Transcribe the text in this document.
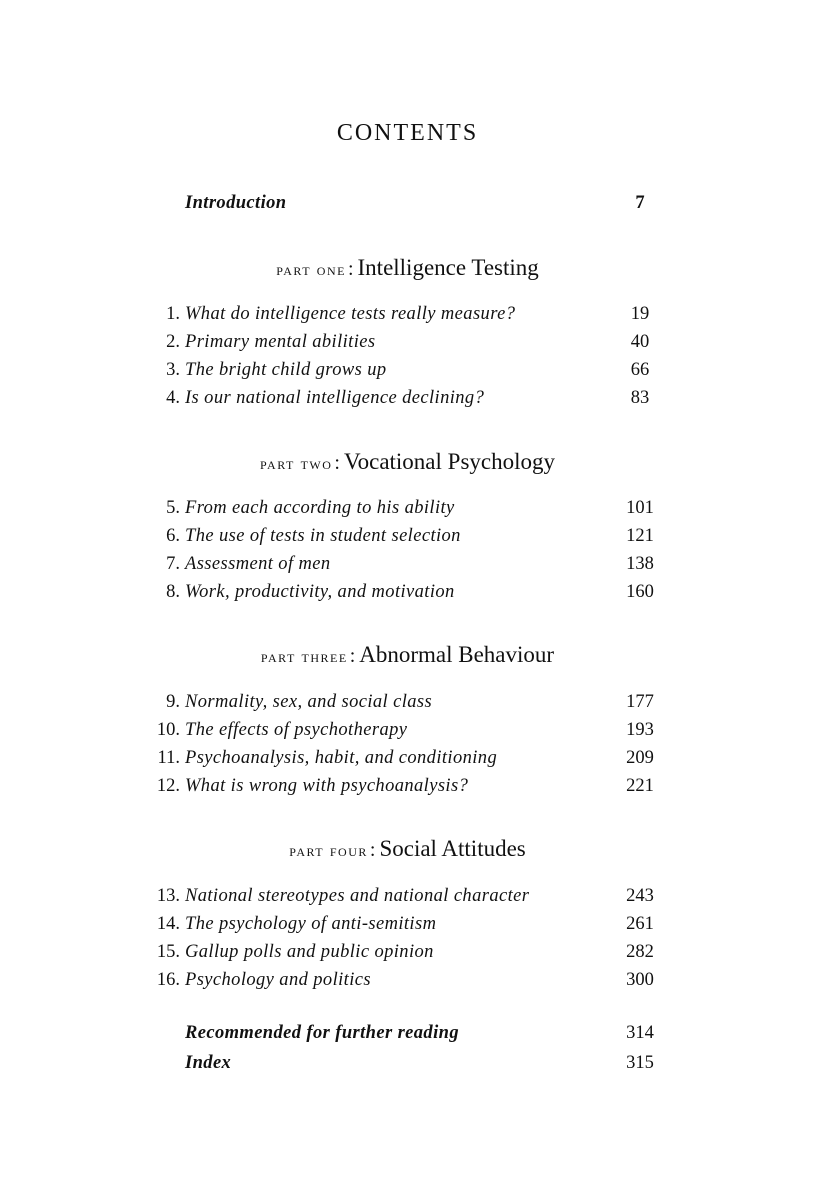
CONTENTS
Introduction	7
part one : Intelligence Testing
1. What do intelligence tests really measure?	19
2. Primary mental abilities	40
3. The bright child grows up	66
4. Is our national intelligence declining?	83
part two : Vocational Psychology
5. From each according to his ability	101
6. The use of tests in student selection	121
7. Assessment of men	138
8. Work, productivity, and motivation	160
part three : Abnormal Behaviour
9. Normality, sex, and social class	177
10. The effects of psychotherapy	193
11. Psychoanalysis, habit, and conditioning	209
12. What is wrong with psychoanalysis?	221
part four : Social Attitudes
13. National stereotypes and national character	243
14. The psychology of anti-semitism	261
15. Gallup polls and public opinion	282
16. Psychology and politics	300
Recommended for further reading	314
Index	315
